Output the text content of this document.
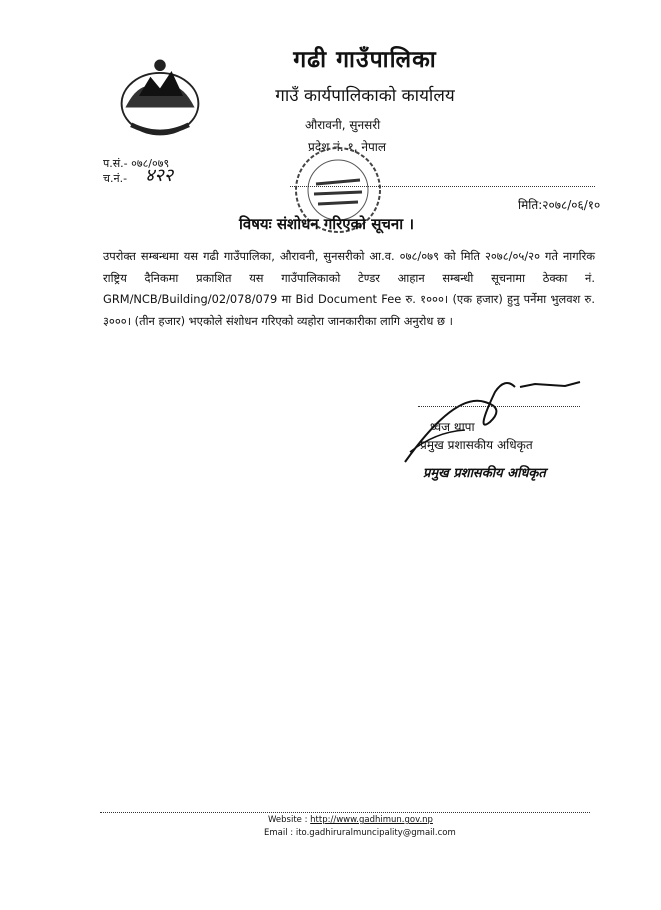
गढी गाउँपालिका
गाउँ कार्यपालिकाको कार्यालय
औरावनी, सुनसरी
प्रदेश नं. १, नेपाल
प.सं.- ०७८/०७९
च.नं.- ४२२
मिति:२०७८/०६/१०
विषयः संशोधन गरिएको सूचना ।
उपरोक्त सम्बन्धमा यस गढी गाउँपालिका, औरावनी, सुनसरीको आ.व. ०७८/०७९ को मिति २०७८/०५/२० गते नागरिक राष्ट्रिय दैनिकमा प्रकाशित यस गाउँपालिकाको टेण्डर आहान सम्बन्धी सूचनामा ठेक्का नं. GRM/NCB/Building/02/078/079 मा Bid Document Fee रु. १०००। (एक हजार) हुनु पर्नेमा भुलवश रु. ३०००। (तीन हजार) भएकोले संशोधन गरिएको व्यहोरा जानकारीका लागि अनुरोध छ ।
ध्वज थापा
प्रमुख प्रशासकीय अधिकृत
प्रमुख प्रशासकीय अधिकृत
Website : http://www.gadhimun.gov.np
Email : ito.gadhiruralmuncipality@gmail.com
